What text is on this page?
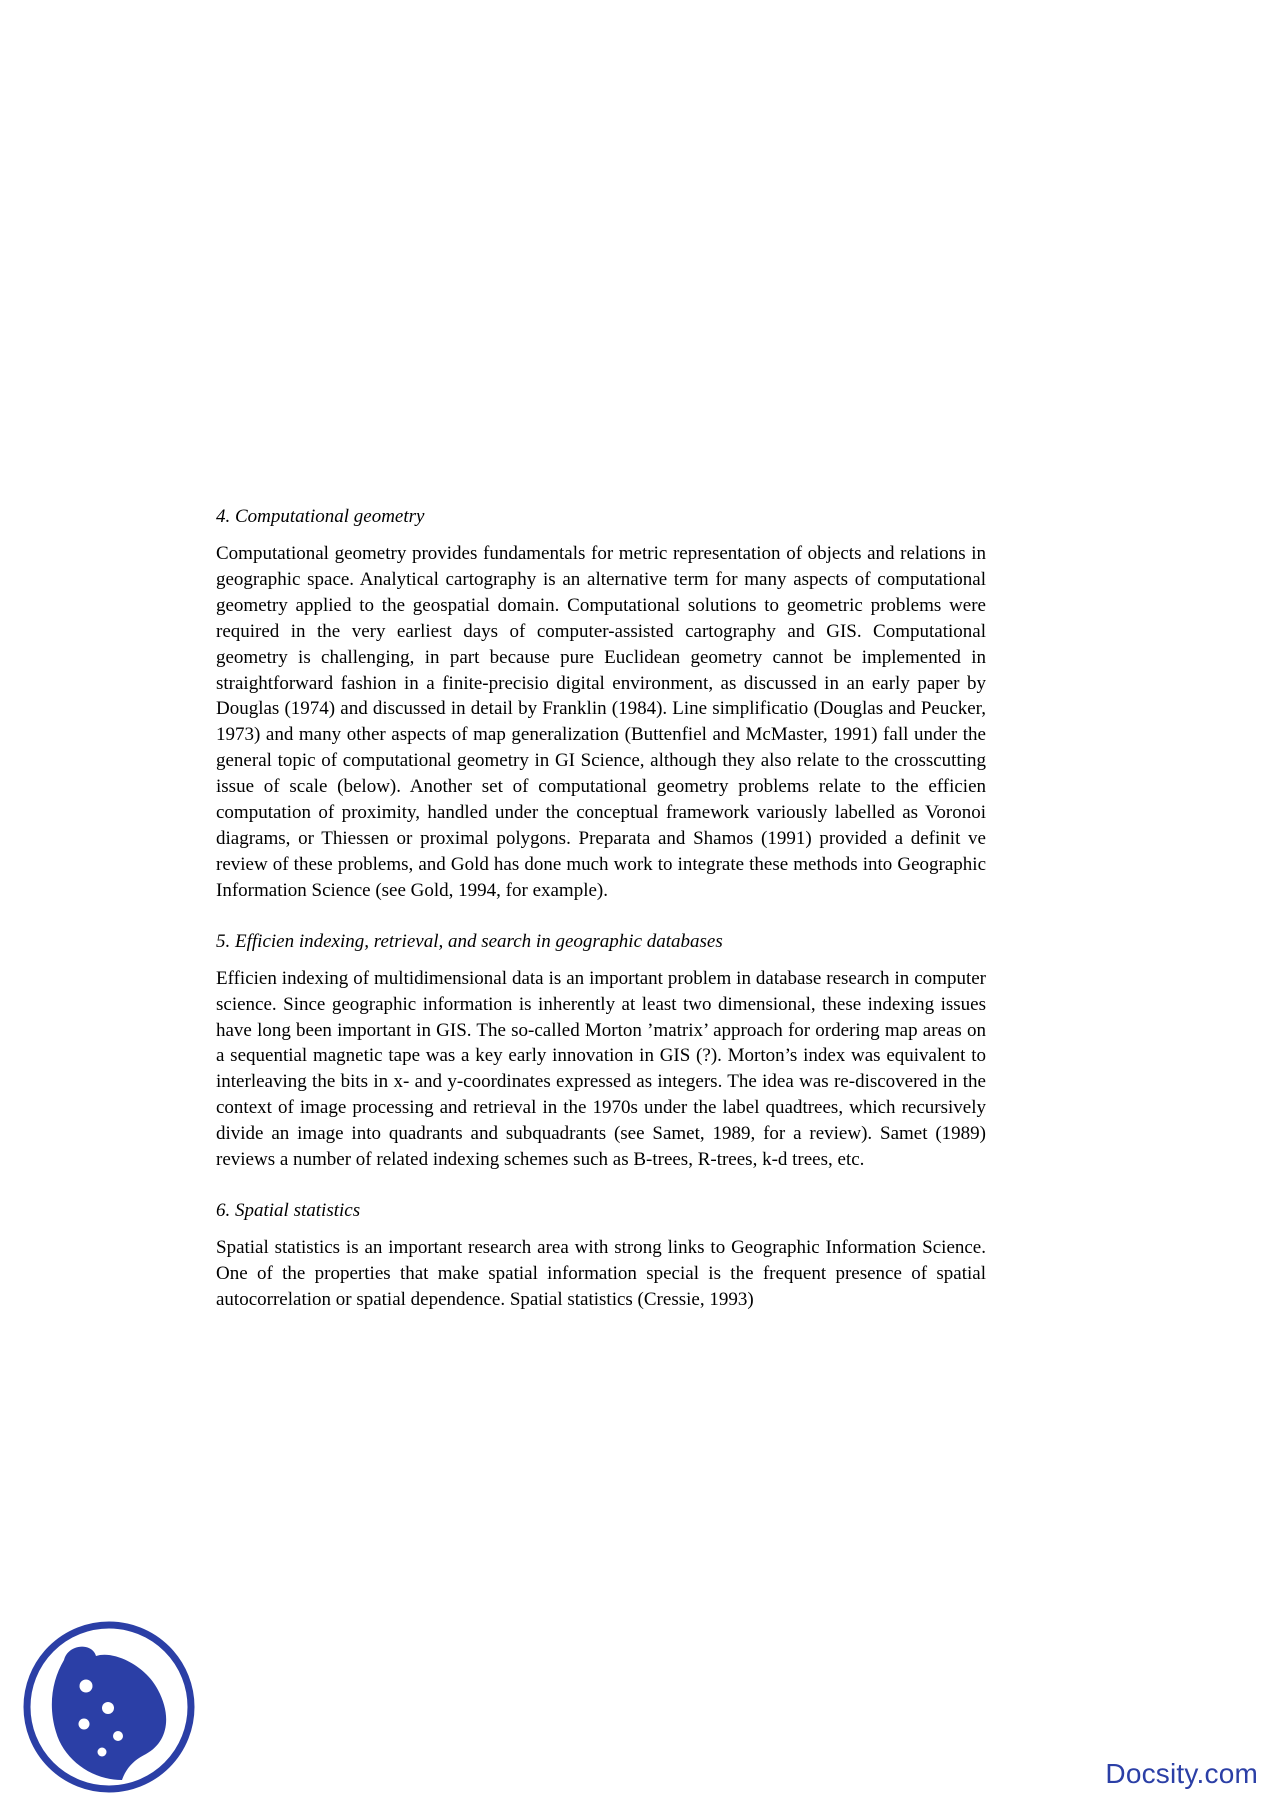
4. Computational geometry

Computational geometry provides fundamentals for metric representation of objects and relations in geographic space. Analytical cartography is an alternative term for many aspects of computational geometry applied to the geospatial domain. Computational solutions to geometric problems were required in the very earliest days of computer-assisted cartography and GIS. Computational geometry is challenging, in part because pure Euclidean geometry cannot be implemented in straightforward fashion in a finite-precisio digital environment, as discussed in an early paper by Douglas (1974) and discussed in detail by Franklin (1984). Line simplificatio (Douglas and Peucker, 1973) and many other aspects of map generalization (Buttenfiel and McMaster, 1991) fall under the general topic of computational geometry in GI Science, although they also relate to the crosscutting issue of scale (below). Another set of computational geometry problems relate to the efficien computation of proximity, handled under the conceptual framework variously labelled as Voronoi diagrams, or Thiessen or proximal polygons. Preparata and Shamos (1991) provided a definit ve review of these problems, and Gold has done much work to integrate these methods into Geographic Information Science (see Gold, 1994, for example).

5. Efficien indexing, retrieval, and search in geographic databases

Efficien indexing of multidimensional data is an important problem in database research in computer science. Since geographic information is inherently at least two dimensional, these indexing issues have long been important in GIS. The so-called Morton ’matrix’ approach for ordering map areas on a sequential magnetic tape was a key early innovation in GIS (?). Morton’s index was equivalent to interleaving the bits in x- and y-coordinates expressed as integers. The idea was re-discovered in the context of image processing and retrieval in the 1970s under the label quadtrees, which recursively divide an image into quadrants and subquadrants (see Samet, 1989, for a review). Samet (1989) reviews a number of related indexing schemes such as B-trees, R-trees, k-d trees, etc.

6. Spatial statistics

Spatial statistics is an important research area with strong links to Geographic Information Science. One of the properties that make spatial information special is the frequent presence of spatial autocorrelation or spatial dependence. Spatial statistics (Cressie, 1993)

Docsity.com
